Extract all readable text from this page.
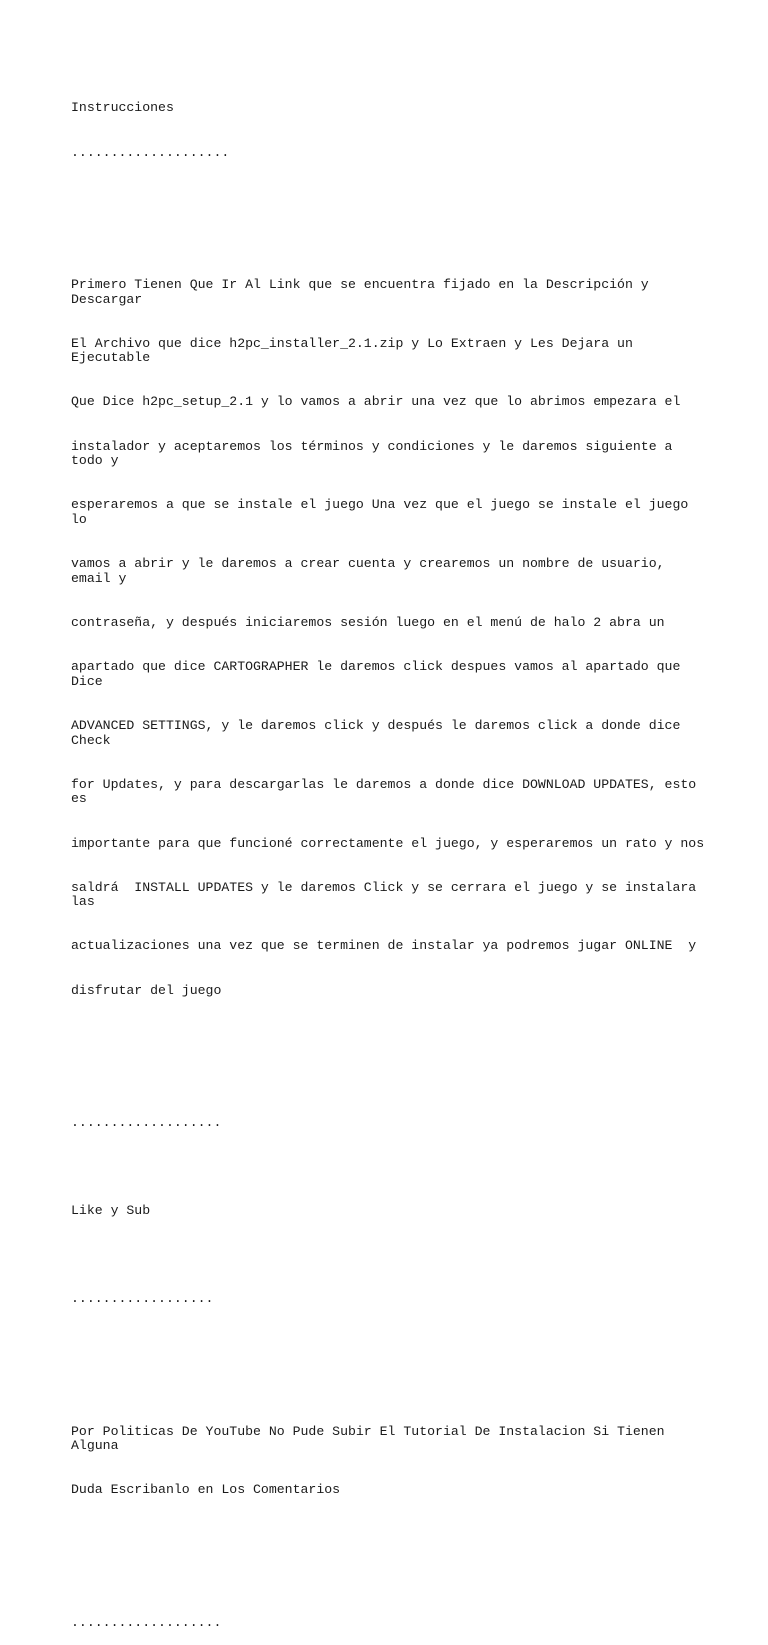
Instrucciones

....................

Primero Tienen Que Ir Al Link que se encuentra fijado en la Descripción y Descargar

El Archivo que dice h2pc_installer_2.1.zip y Lo Extraen y Les Dejara un Ejecutable

Que Dice h2pc_setup_2.1 y lo vamos a abrir una vez que lo abrimos empezara el

instalador y aceptaremos los términos y condiciones y le daremos siguiente a todo y

esperaremos a que se instale el juego Una vez que el juego se instale el juego lo

vamos a abrir y le daremos a crear cuenta y crearemos un nombre de usuario, email y

contraseña, y después iniciaremos sesión luego en el menú de halo 2 abra un

apartado que dice CARTOGRAPHER le daremos click despues vamos al apartado que Dice

ADVANCED SETTINGS, y le daremos click y después le daremos click a donde dice Check

for Updates, y para descargarlas le daremos a donde dice DOWNLOAD UPDATES, esto es

importante para que funcioné correctamente el juego, y esperaremos un rato y nos

saldrá  INSTALL UPDATES y le daremos Click y se cerrara el juego y se instalara las

actualizaciones una vez que se terminen de instalar ya podremos jugar ONLINE  y

disfrutar del juego

...................

Like y Sub

..................

Por Politicas De YouTube No Pude Subir El Tutorial De Instalacion Si Tienen Alguna

Duda Escribanlo en Los Comentarios

...................
